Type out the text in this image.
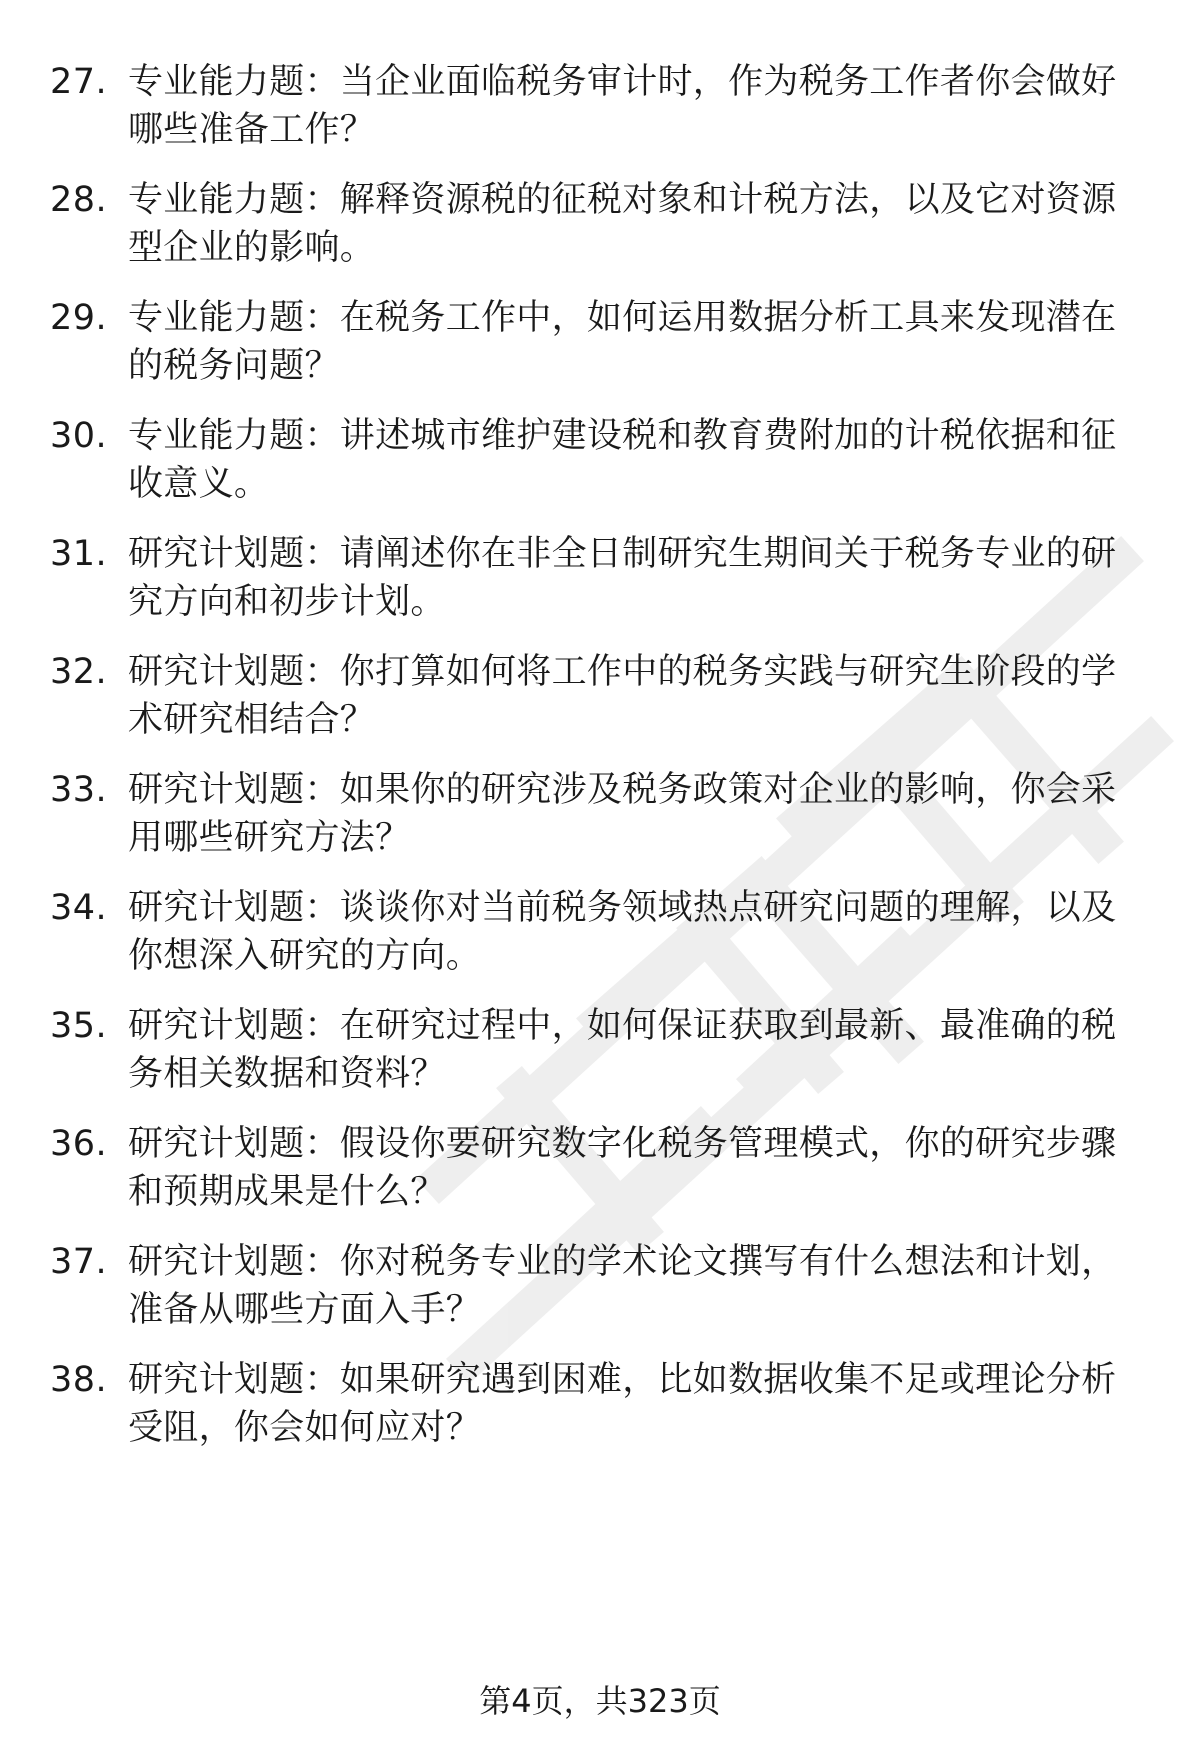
27. 专业能力题：当企业面临税务审计时，作为税务工作者你会做好哪些准备工作？
28. 专业能力题：解释资源税的征税对象和计税方法，以及它对资源型企业的影响。
29. 专业能力题：在税务工作中，如何运用数据分析工具来发现潜在的税务问题？
30. 专业能力题：讲述城市维护建设税和教育费附加的计税依据和征收意义。
31. 研究计划题：请阐述你在非全日制研究生期间关于税务专业的研究方向和初步计划。
32. 研究计划题：你打算如何将工作中的税务实践与研究生阶段的学术研究相结合？
33. 研究计划题：如果你的研究涉及税务政策对企业的影响，你会采用哪些研究方法？
34. 研究计划题：谈谈你对当前税务领域热点研究问题的理解，以及你想深入研究的方向。
35. 研究计划题：在研究过程中，如何保证获取到最新、最准确的税务相关数据和资料？
36. 研究计划题：假设你要研究数字化税务管理模式，你的研究步骤和预期成果是什么？
37. 研究计划题：你对税务专业的学术论文撰写有什么想法和计划，准备从哪些方面入手？
38. 研究计划题：如果研究遇到困难，比如数据收集不足或理论分析受阻，你会如何应对？
第4页，共323页
